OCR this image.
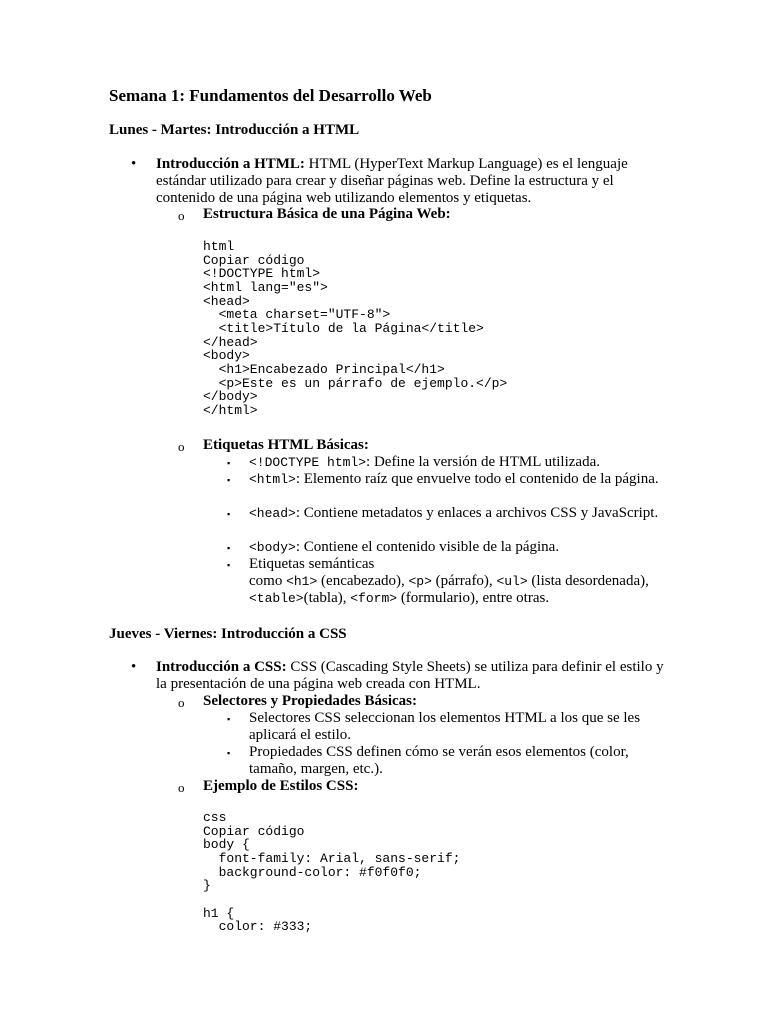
Semana 1: Fundamentos del Desarrollo Web
Lunes - Martes: Introducción a HTML
•	Introducción a HTML: HTML (HyperText Markup Language) es el lenguaje estándar utilizado para crear y diseñar páginas web. Define la estructura y el contenido de una página web utilizando elementos y etiquetas.
o	Estructura Básica de una Página Web:
html
Copiar código
<!DOCTYPE html>
<html lang="es">
<head>
<meta charset="UTF-8">
<title>Título de la Página</title>
</head>
<body>
<h1>Encabezado Principal</h1>
<p>Este es un párrafo de ejemplo.</p>
</body>
</html>
o	Etiquetas HTML Básicas:
▪	<!DOCTYPE html>: Define la versión de HTML utilizada.
▪	<html>: Elemento raíz que envuelve todo el contenido de la página.
▪	<head>: Contiene metadatos y enlaces a archivos CSS y JavaScript.
▪	<body>: Contiene el contenido visible de la página.
▪	Etiquetas semánticas
como <h1> (encabezado), <p> (párrafo), <ul> (lista desordenada), <table>(tabla), <form> (formulario), entre otras.
Jueves - Viernes: Introducción a CSS
•	Introducción a CSS: CSS (Cascading Style Sheets) se utiliza para definir el estilo y la presentación de una página web creada con HTML.
o	Selectores y Propiedades Básicas:
▪	Selectores CSS seleccionan los elementos HTML a los que se les aplicará el estilo.
▪	Propiedades CSS definen cómo se verán esos elementos (color, tamaño, margen, etc.).
o	Ejemplo de Estilos CSS:
css
Copiar código
body {
font-family: Arial, sans-serif;
background-color: #f0f0f0;
}

h1 {
color: #333;
